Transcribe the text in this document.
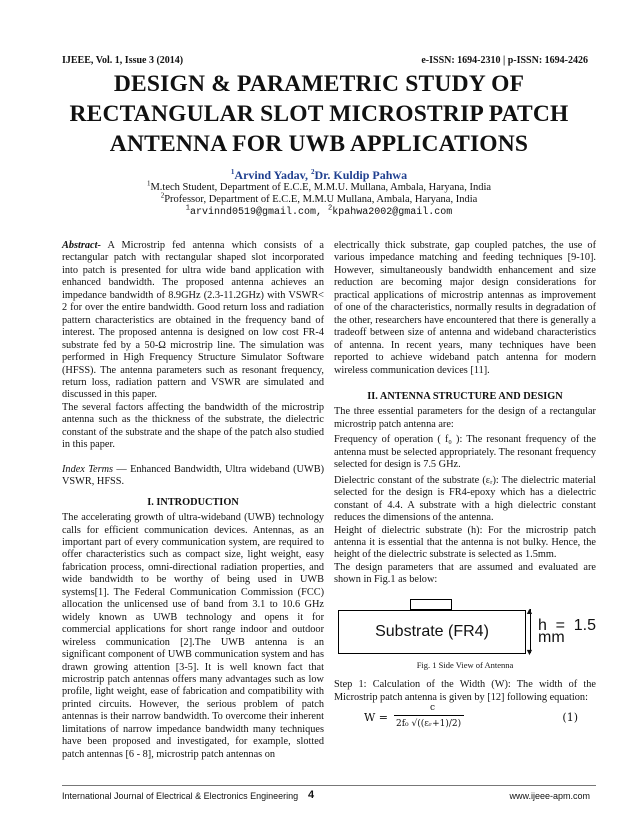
IJEEE, Vol. 1, Issue 3 (2014)	e-ISSN: 1694-2310 | p-ISSN: 1694-2426
DESIGN & PARAMETRIC STUDY OF RECTANGULAR SLOT MICROSTRIP PATCH ANTENNA FOR UWB APPLICATIONS
$^1$Arvind Yadav, $^2$Dr. Kuldip Pahwa
$^1$M.tech Student, Department of E.C.E, M.M.U. Mullana, Ambala, Haryana, India
$^2$Professor, Department of E.C.E, M.M.U Mullana, Ambala, Haryana, India
$^1$arvinnd0519@gmail.com, $^2$kpahwa2002@gmail.com

Abstract- A Microstrip fed antenna which consists of a rectangular patch with rectangular shaped slot incorporated into patch is presented for ultra wide band application with enhanced bandwidth. The proposed antenna achieves an impedance bandwidth of 8.9GHz (2.3-11.2GHz) with VSWR< 2 for over the entire bandwidth. Good return loss and radiation pattern characteristics are obtained in the frequency band of interest. The proposed antenna is designed on low cost FR-4 substrate fed by a 50-Ω microstrip line. The simulation was performed in High Frequency Structure Simulator Software (HFSS). The antenna parameters such as resonant frequency, return loss, radiation pattern and VSWR are simulated and discussed in this paper.

The several factors affecting the bandwidth of the microstrip antenna such as the thickness of the substrate, the dielectric constant of the substrate and the shape of the patch also studied in this paper.

Index Terms — Enhanced Bandwidth, Ultra wideband (UWB) VSWR, HFSS.

I. INTRODUCTION

The accelerating growth of ultra-wideband (UWB) technology calls for efficient communication devices. Antennas, as an important part of every communication system, are required to offer characteristics such as compact size, light weight, easy fabrication process, omni-directional radiation properties, and wide bandwidth to be worthy of being used in UWB systems[1]. The Federal Communication Commission (FCC) allocation the unlicensed use of band from 3.1 to 10.6 GHz widely known as UWB technology and opens it for commercial applications for short range indoor and outdoor wireless communication [2].The UWB antenna is an significant component of UWB communication system and has drawn growing attention [3-5]. It is well known fact that microstrip patch antennas offers many advantages such as low profile, light weight, ease of fabrication and compatibility with printed circuits. However, the serious problem of patch antennas is their narrow bandwidth. To overcome their inherent limitations of narrow impedance bandwidth many techniques have been proposed and investigated, for example, slotted patch antennas [6 - 8], microstrip patch antennas on

electrically thick substrate, gap coupled patches, the use of various impedance matching and feeding techniques [9-10]. However, simultaneously bandwidth enhancement and size reduction are becoming major design considerations for practical applications of microstrip antennas as improvement of one of the characteristics, normally results in degradation of the other, researchers have encountered that there is generally a tradeoff between size of antenna and wideband characteristics of antenna. In recent years, many techniques have been reported to achieve wideband patch antenna for modern wireless communication devices [11].

II. ANTENNA STRUCTURE AND DESIGN

The three essential parameters for the design of a rectangular microstrip patch antenna are:

Frequency of operation ( f₀ ): The resonant frequency of the antenna must be selected appropriately. The resonant frequency selected for design is 7.5 GHz.

Dielectric constant of the substrate (εᵣ): The dielectric material selected for the design is FR4-epoxy which has a dielectric constant of 4.4. A substrate with a high dielectric constant reduces the dimensions of the antenna.

Height of dielectric substrate (h): For the microstrip patch antenna it is essential that the antenna is not bulky. Hence, the height of the dielectric substrate is selected as 1.5mm.

The design parameters that are assumed and evaluated are shown in Fig.1 as below:

Substrate (FR4)
▲
▼
h = 1.5 mm
Fig. 1 Side View of Antenna

Step 1: Calculation of the Width (W): The width of the Microstrip patch antenna is given by [12] following equation:

W =
c
2f₀ √((εᵣ+1)/2)	(1)
International Journal of Electrical & Electronics Engineering 4	www.ijeee-apm.com
